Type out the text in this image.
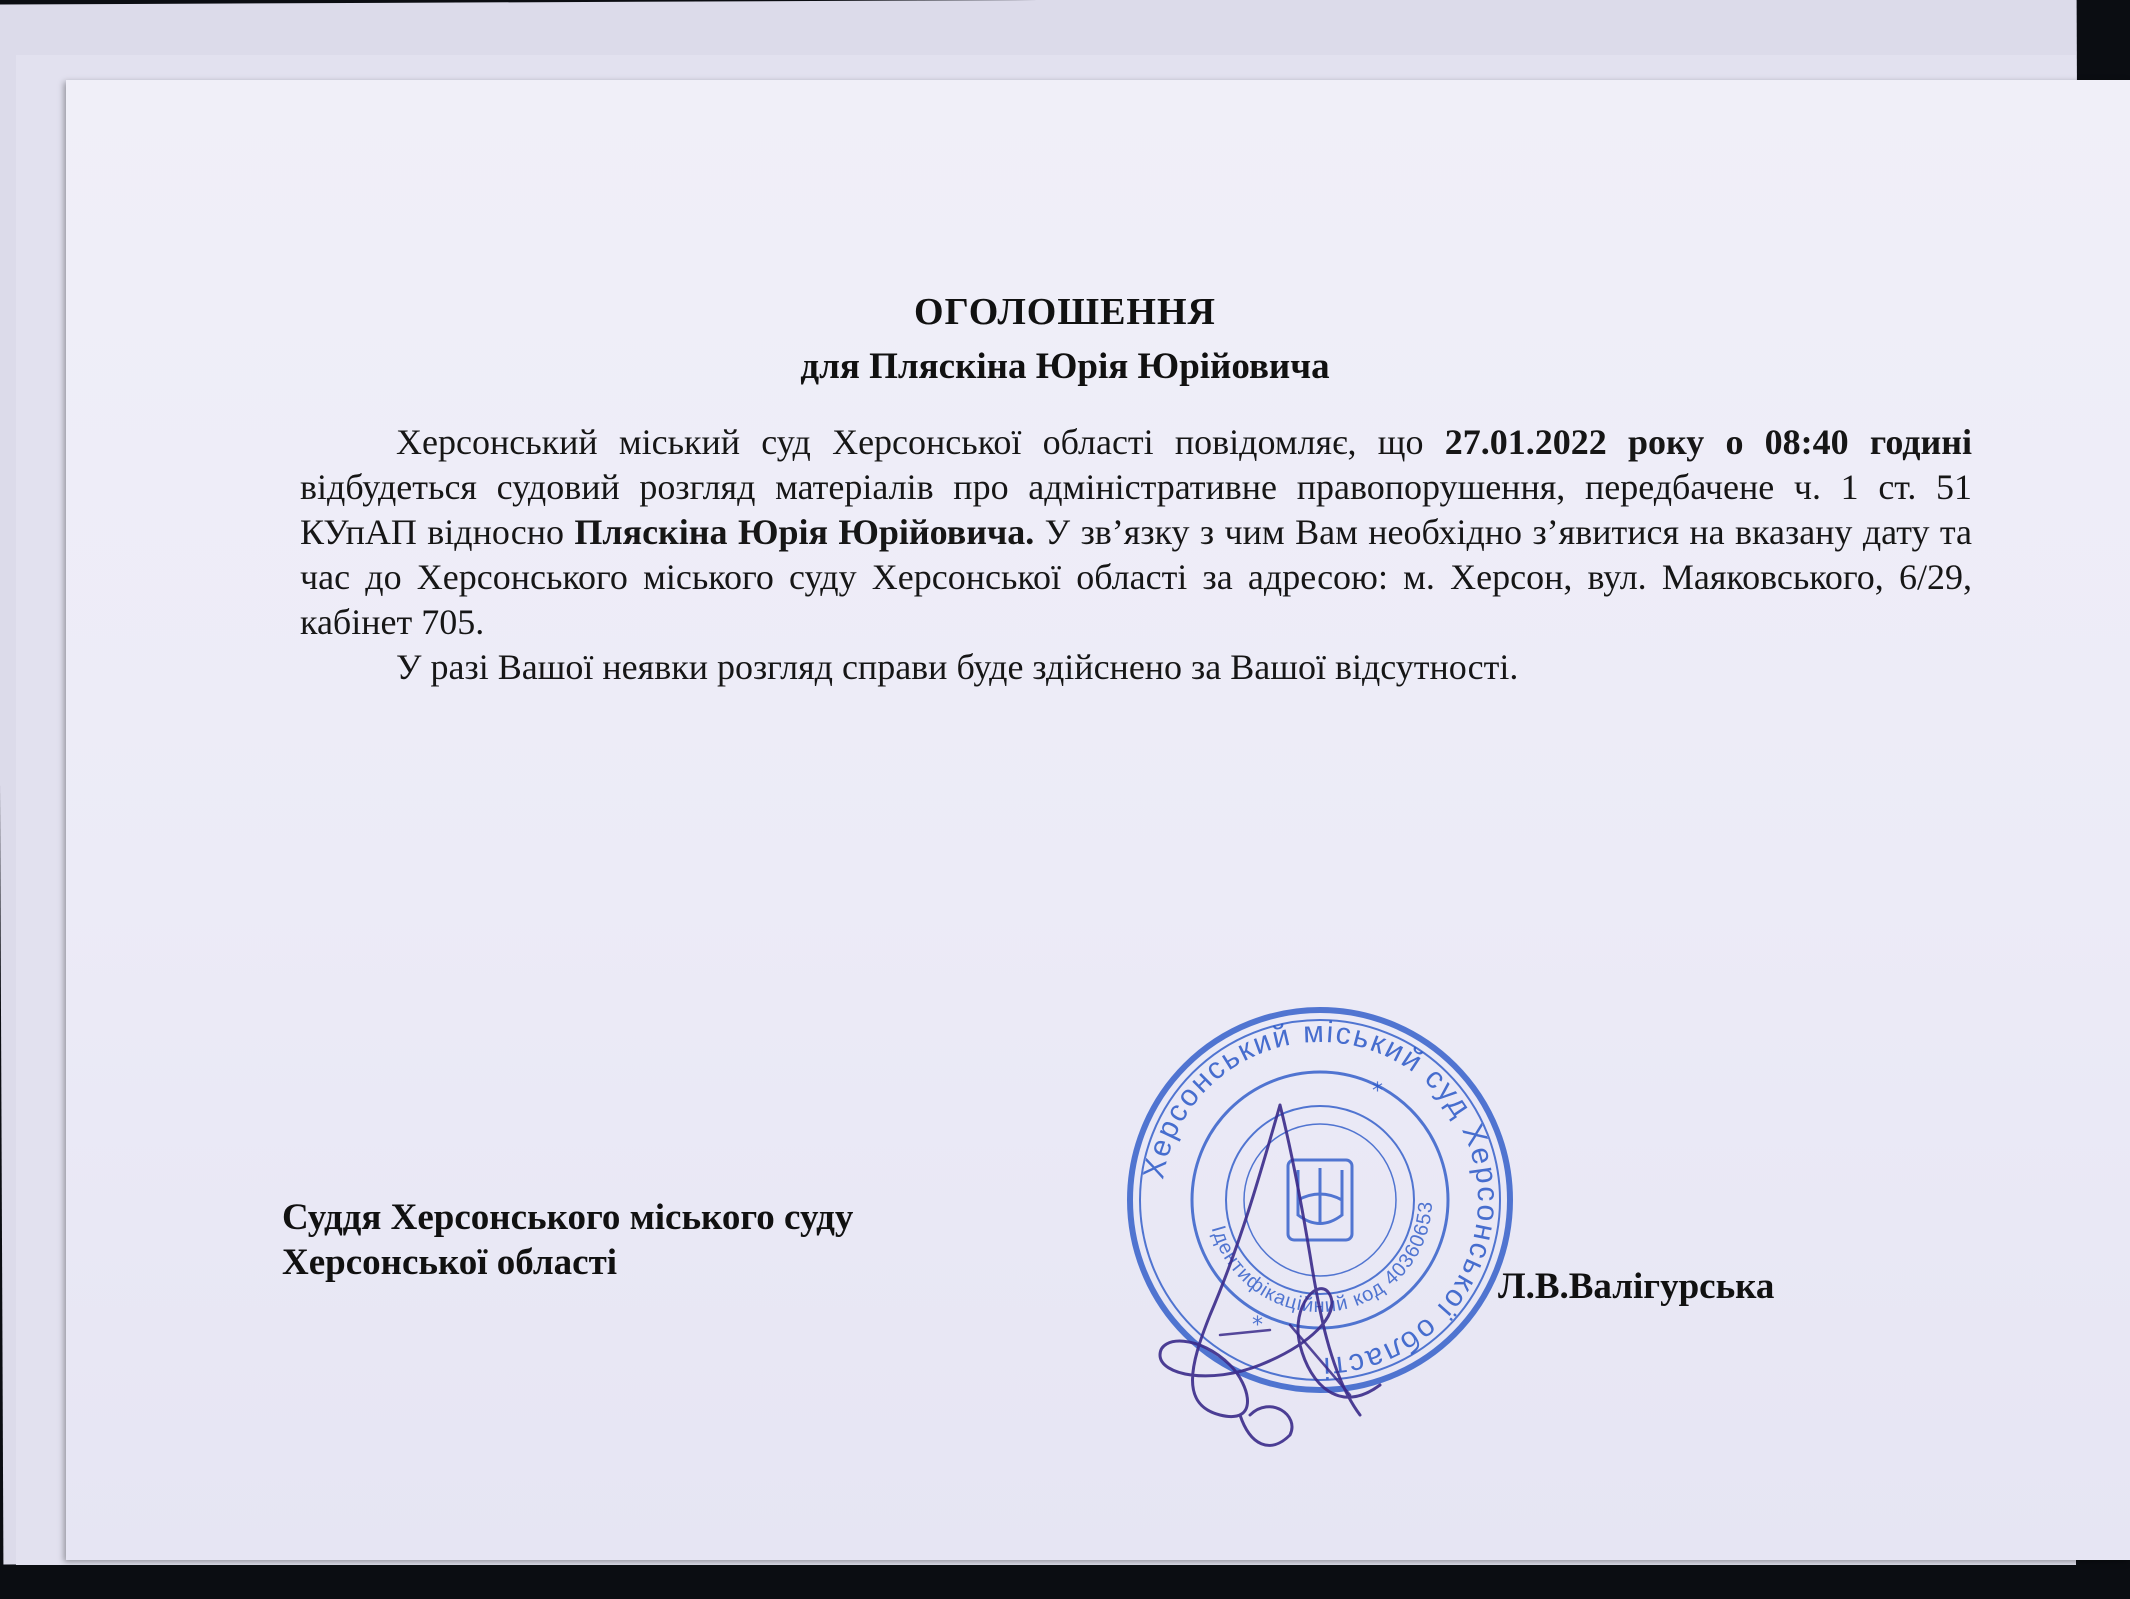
ОГОЛОШЕННЯ
для Пляскіна Юрія Юрійовича

Херсонський міський суд Херсонської області повідомляє, що 27.01.2022 року о 08:40 годині відбудеться судовий розгляд матеріалів про адміністративне правопорушення, передбачене ч. 1 ст. 51 КУпАП відносно Пляскіна Юрія Юрійовича. У зв’язку з чим Вам необхідно з’явитися на вказану дату та час до Херсонського міського суду Херсонської області за адресою: м. Херсон, вул. Маяковського, 6/29, кабінет 705.

У разі Вашої неявки розгляд справи буде здійснено за Вашої відсутності.

Суддя Херсонського міського суду
Херсонської області
Херсонський міський суд Херсонської області
Ідентифікаційний код 40360653
*
*
Л.В.Валігурська
